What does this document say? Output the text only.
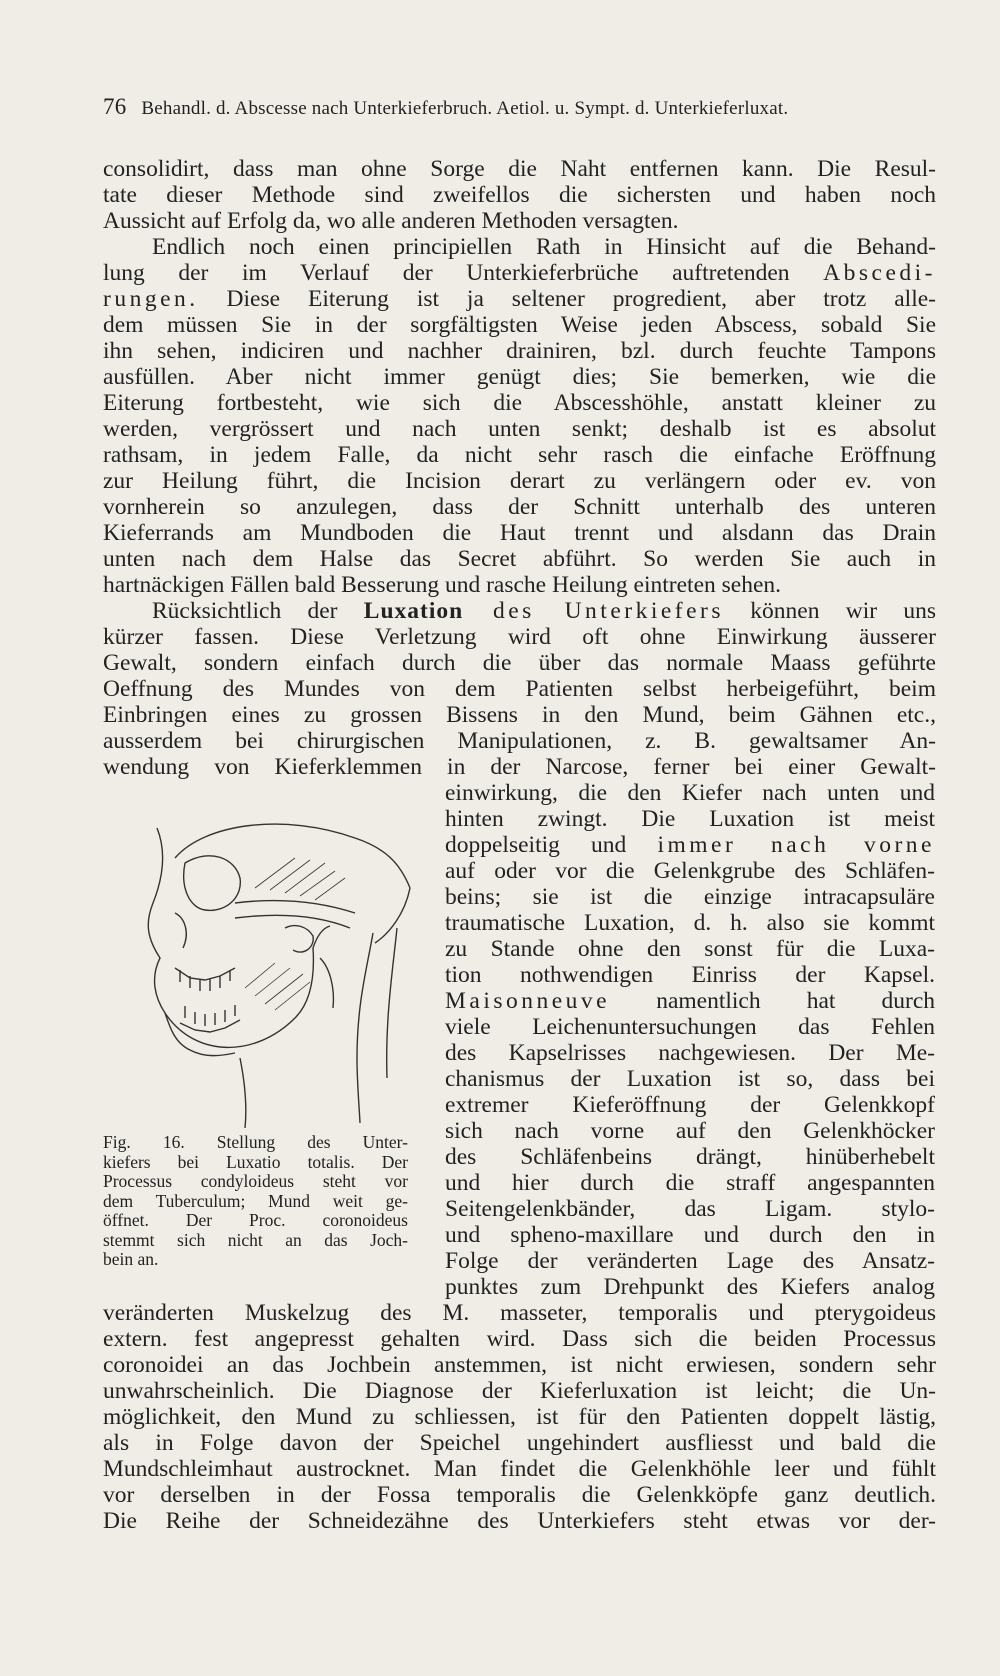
76 Behandl. d. Abscesse nach Unterkieferbruch. Aetiol. u. Sympt. d. Unterkieferluxat.
consolidirt, dass man ohne Sorge die Naht entfernen kann. Die Resul-
tate dieser Methode sind zweifellos die sichersten und haben noch
Aussicht auf Erfolg da, wo alle anderen Methoden versagten.
Endlich noch einen principiellen Rath in Hinsicht auf die Behand-
lung der im Verlauf der Unterkieferbrüche auftretenden Abscedi-
rungen. Diese Eiterung ist ja seltener progredient, aber trotz alle-
dem müssen Sie in der sorgfältigsten Weise jeden Abscess, sobald Sie
ihn sehen, indiciren und nachher drainiren, bzl. durch feuchte Tampons
ausfüllen. Aber nicht immer genügt dies; Sie bemerken, wie die
Eiterung fortbesteht, wie sich die Abscesshöhle, anstatt kleiner zu
werden, vergrössert und nach unten senkt; deshalb ist es absolut
rathsam, in jedem Falle, da nicht sehr rasch die einfache Eröffnung
zur Heilung führt, die Incision derart zu verlängern oder ev. von
vornherein so anzulegen, dass der Schnitt unterhalb des unteren
Kieferrands am Mundboden die Haut trennt und alsdann das Drain
unten nach dem Halse das Secret abführt. So werden Sie auch in
hartnäckigen Fällen bald Besserung und rasche Heilung eintreten sehen.
Rücksichtlich der Luxation des Unterkiefers können wir uns
kürzer fassen. Diese Verletzung wird oft ohne Einwirkung äusserer
Gewalt, sondern einfach durch die über das normale Maass geführte
Oeffnung des Mundes von dem Patienten selbst herbeigeführt, beim
Einbringen eines zu grossen Bissens in den Mund, beim Gähnen etc.,
ausserdem bei chirurgischen Manipulationen, z. B. gewaltsamer An-
wendung von Kieferklemmen in der Narcose, ferner bei einer Gewalt-
Fig. 16. Stellung des Unter-
kiefers bei Luxatio totalis. Der
Processus condyloideus steht vor
dem Tuberculum; Mund weit ge-
öffnet. Der Proc. coronoideus
stemmt sich nicht an das Joch-
bein an.
einwirkung, die den Kiefer nach unten und
hinten zwingt. Die Luxation ist meist
doppelseitig und immer nach vorne
auf oder vor die Gelenkgrube des Schläfen-
beins; sie ist die einzige intracapsuläre
traumatische Luxation, d. h. also sie kommt
zu Stande ohne den sonst für die Luxa-
tion nothwendigen Einriss der Kapsel.
Maisonneuve namentlich hat durch
viele Leichenuntersuchungen das Fehlen
des Kapselrisses nachgewiesen. Der Me-
chanismus der Luxation ist so, dass bei
extremer Kieferöffnung der Gelenkkopf
sich nach vorne auf den Gelenkhöcker
des Schläfenbeins drängt, hinüberhebelt
und hier durch die straff angespannten
Seitengelenkbänder, das Ligam. stylo-
und spheno-maxillare und durch den in
Folge der veränderten Lage des Ansatz-
punktes zum Drehpunkt des Kiefers analog
veränderten Muskelzug des M. masseter, temporalis und pterygoideus
extern. fest angepresst gehalten wird. Dass sich die beiden Processus
coronoidei an das Jochbein anstemmen, ist nicht erwiesen, sondern sehr
unwahrscheinlich. Die Diagnose der Kieferluxation ist leicht; die Un-
möglichkeit, den Mund zu schliessen, ist für den Patienten doppelt lästig,
als in Folge davon der Speichel ungehindert ausfliesst und bald die
Mundschleimhaut austrocknet. Man findet die Gelenkhöhle leer und fühlt
vor derselben in der Fossa temporalis die Gelenkköpfe ganz deutlich.
Die Reihe der Schneidezähne des Unterkiefers steht etwas vor der-
